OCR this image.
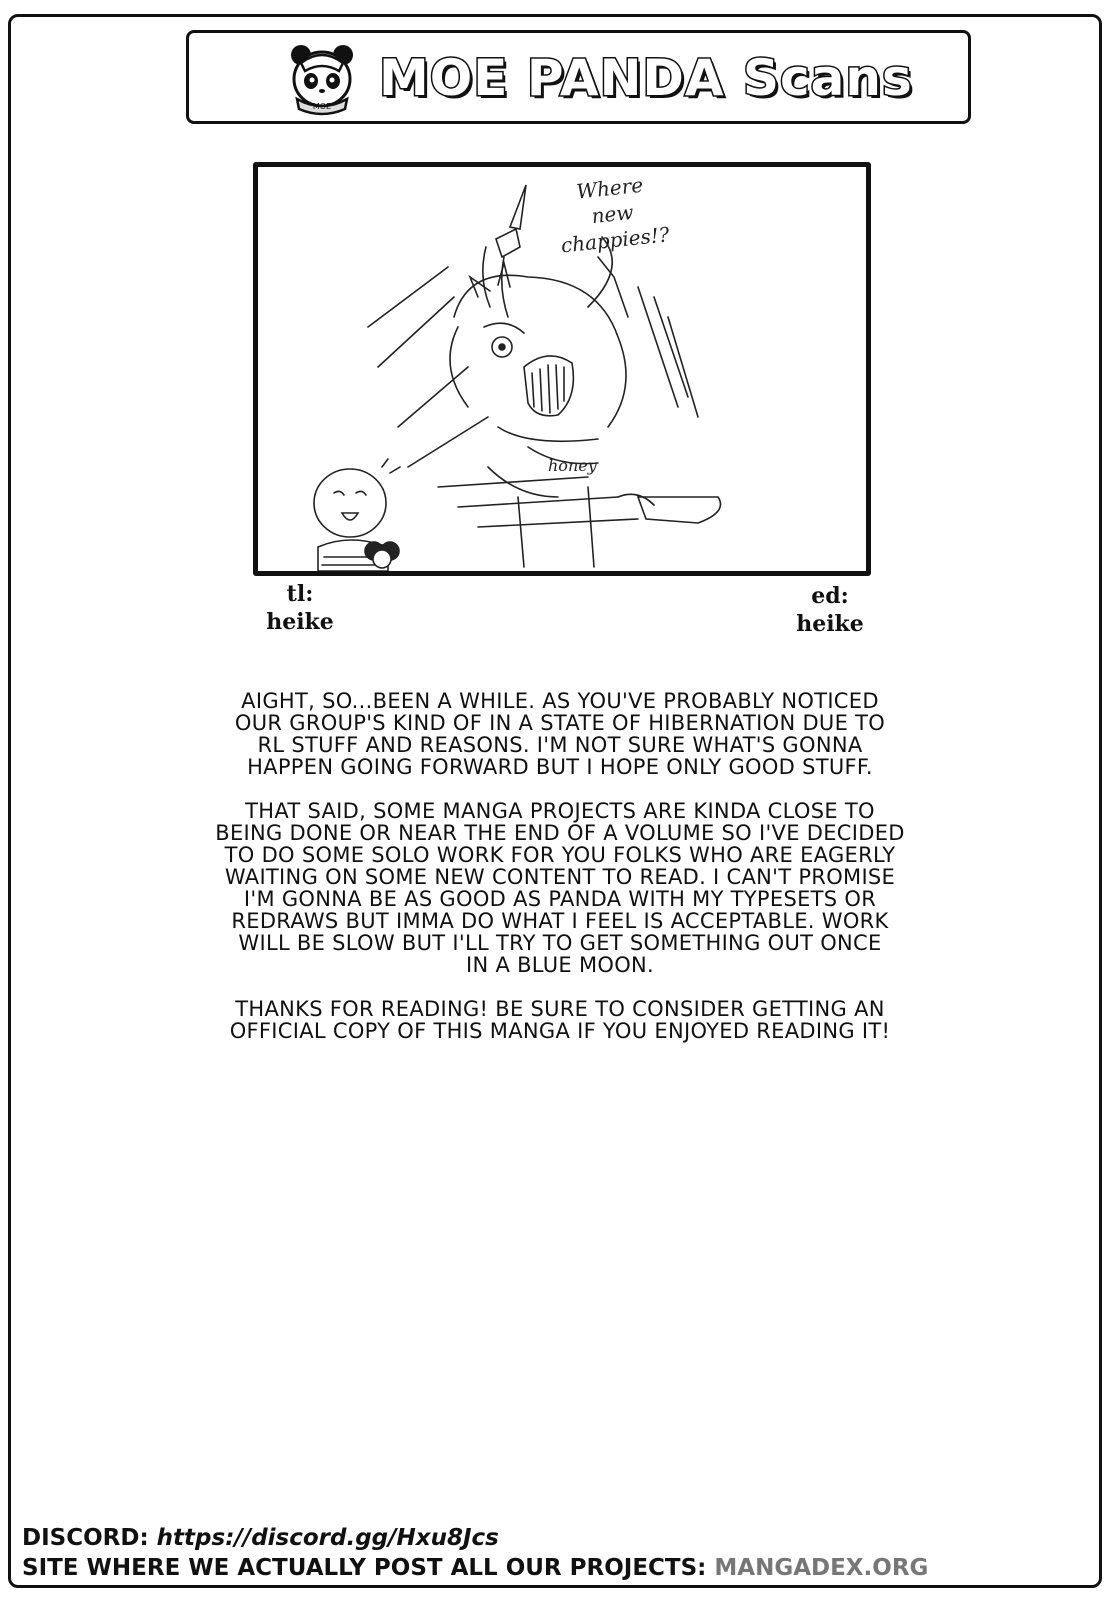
MOE MOE PANDA Scans
honey
Where
new
chappies!?
tl:
heike
ed:
heike

AIGHT, SO...BEEN A WHILE. AS YOU'VE PROBABLY NOTICED
OUR GROUP'S KIND OF IN A STATE OF HIBERNATION DUE TO
RL STUFF AND REASONS. I'M NOT SURE WHAT'S GONNA
HAPPEN GOING FORWARD BUT I HOPE ONLY GOOD STUFF.

THAT SAID, SOME MANGA PROJECTS ARE KINDA CLOSE TO
BEING DONE OR NEAR THE END OF A VOLUME SO I'VE DECIDED
TO DO SOME SOLO WORK FOR YOU FOLKS WHO ARE EAGERLY
WAITING ON SOME NEW CONTENT TO READ. I CAN'T PROMISE
I'M GONNA BE AS GOOD AS PANDA WITH MY TYPESETS OR
REDRAWS BUT IMMA DO WHAT I FEEL IS ACCEPTABLE. WORK
WILL BE SLOW BUT I'LL TRY TO GET SOMETHING OUT ONCE
IN A BLUE MOON.

THANKS FOR READING! BE SURE TO CONSIDER GETTING AN
OFFICIAL COPY OF THIS MANGA IF YOU ENJOYED READING IT!

DISCORD: https://discord.gg/Hxu8Jcs
SITE WHERE WE ACTUALLY POST ALL OUR PROJECTS: MANGADEX.ORG
